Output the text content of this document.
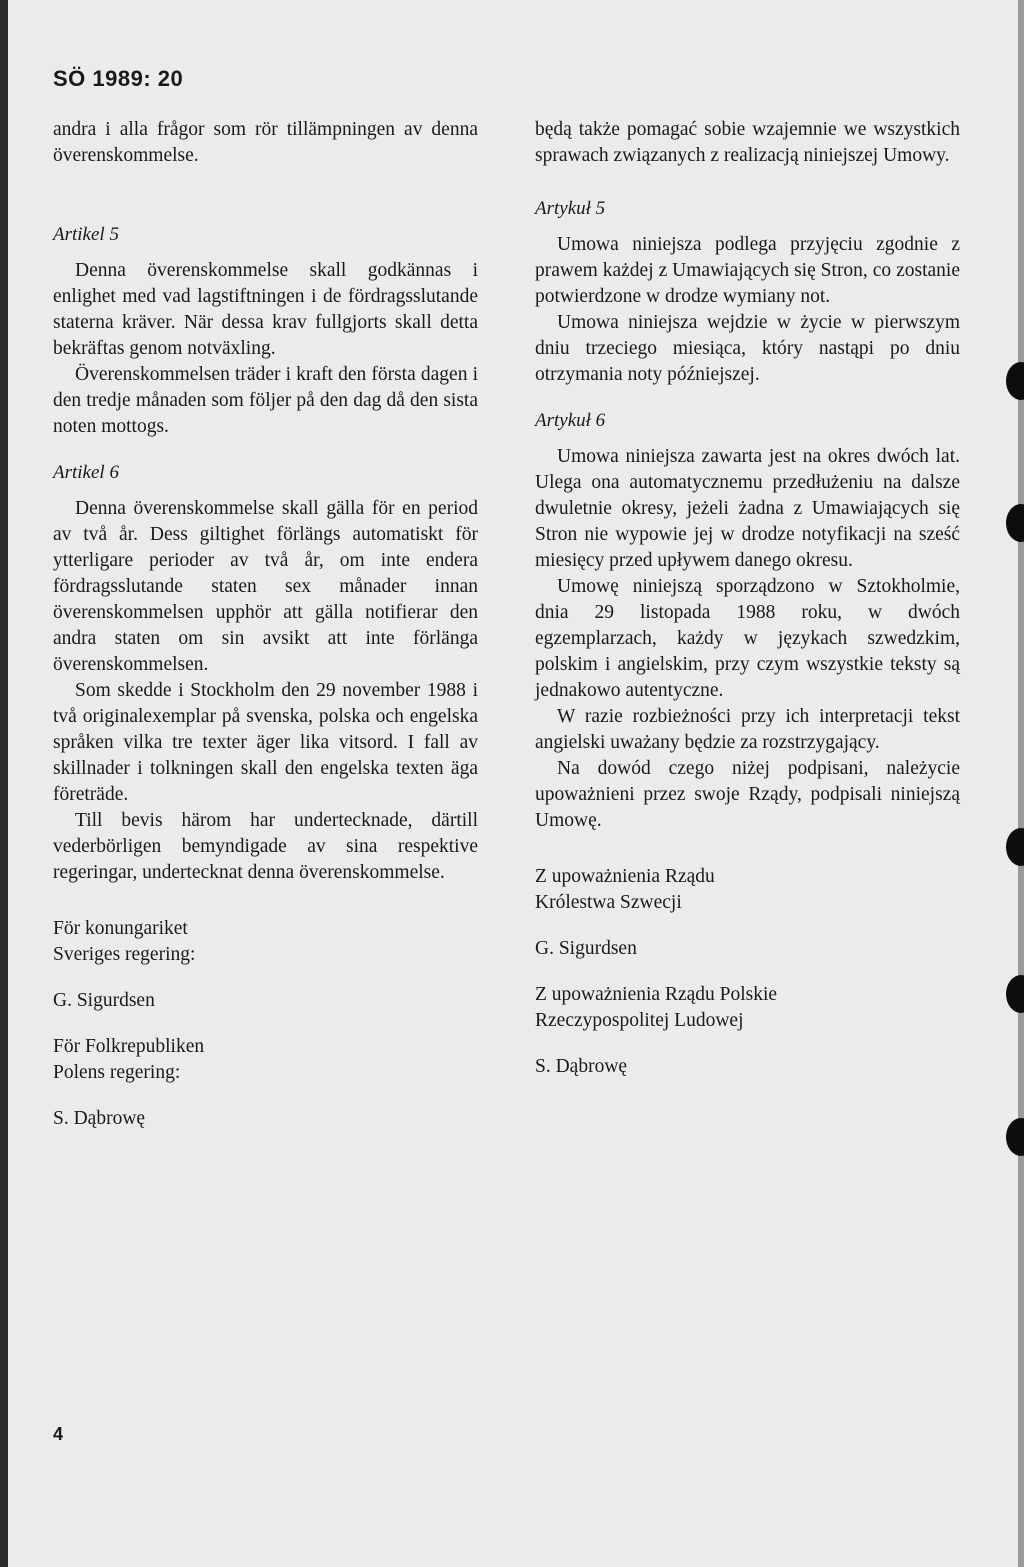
SÖ 1989: 20

andra i alla frågor som rör tillämpningen av denna överenskommelse.

Artikel 5

Denna överenskommelse skall godkännas i enlighet med vad lagstiftningen i de fördragsslutande staterna kräver. När dessa krav fullgjorts skall detta bekräftas genom notväxling.

Överenskommelsen träder i kraft den första dagen i den tredje månaden som följer på den dag då den sista noten mottogs.

Artikel 6

Denna överenskommelse skall gälla för en period av två år. Dess giltighet förlängs automatiskt för ytterligare perioder av två år, om inte endera fördragsslutande staten sex månader innan överenskommelsen upphör att gälla notifierar den andra staten om sin avsikt att inte förlänga överenskommelsen.

Som skedde i Stockholm den 29 november 1988 i två originalexemplar på svenska, polska och engelska språken vilka tre texter äger lika vitsord. I fall av skillnader i tolkningen skall den engelska texten äga företräde.

Till bevis härom har undertecknade, därtill vederbörligen bemyndigade av sina respektive regeringar, undertecknat denna överenskommelse.

För konungariket
Sveriges regering:
G. Sigurdsen
För Folkrepubliken
Polens regering:
S. Dąbrowę

będą także pomagać sobie wzajemnie we wszystkich sprawach związanych z realizacją niniejszej Umowy.

Artykuł 5

Umowa niniejsza podlega przyjęciu zgodnie z prawem każdej z Umawiających się Stron, co zostanie potwierdzone w drodze wymiany not.

Umowa niniejsza wejdzie w życie w pierwszym dniu trzeciego miesiąca, który nastąpi po dniu otrzymania noty późniejszej.

Artykuł 6

Umowa niniejsza zawarta jest na okres dwóch lat. Ulega ona automatycznemu przedłużeniu na dalsze dwuletnie okresy, jeżeli żadna z Umawiających się Stron nie wypowie jej w drodze notyfikacji na sześć miesięcy przed upływem danego okresu.

Umowę niniejszą sporządzono w Sztokholmie, dnia 29 listopada 1988 roku, w dwóch egzemplarzach, każdy w językach szwedzkim, polskim i angielskim, przy czym wszystkie teksty są jednakowo autentyczne.

W razie rozbieżności przy ich interpretacji tekst angielski uważany będzie za rozstrzygający.

Na dowód czego niżej podpisani, należycie upoważnieni przez swoje Rządy, podpisali niniejszą Umowę.

Z upoważnienia Rządu
Królestwa Szwecji
G. Sigurdsen
Z upoważnienia Rządu Polskie
Rzeczypospolitej Ludowej
S. Dąbrowę
4
